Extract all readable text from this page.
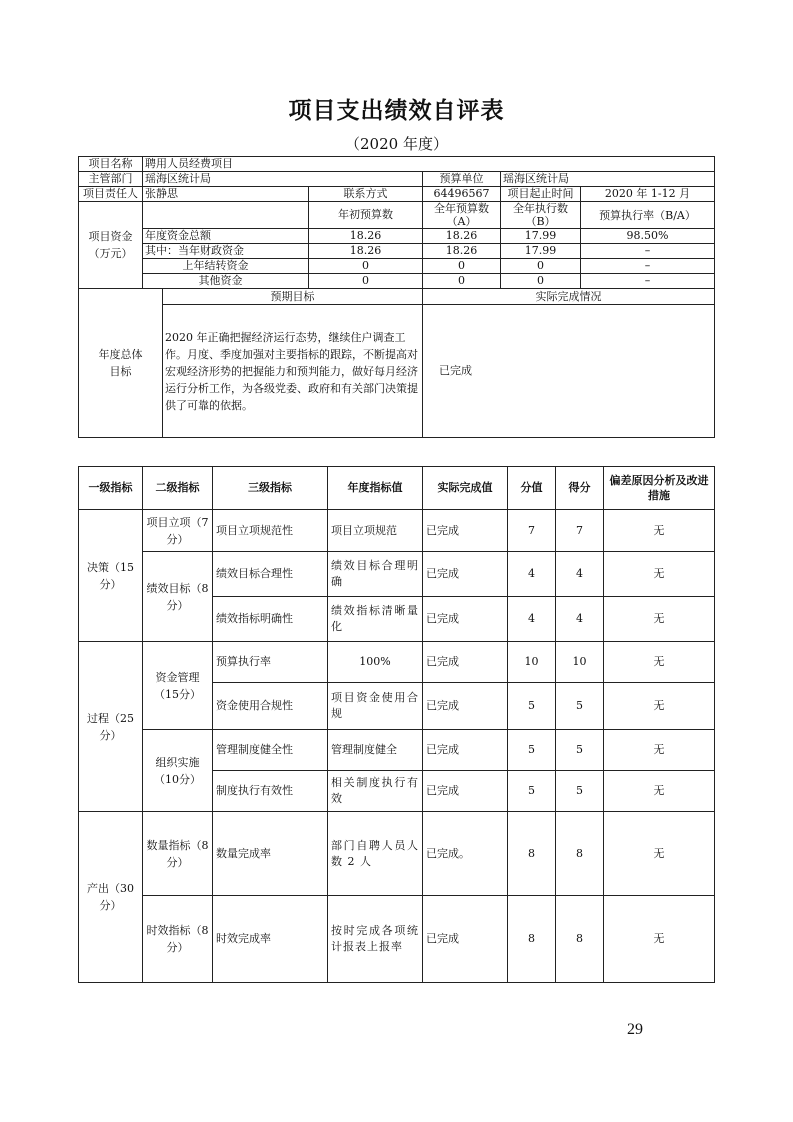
项目支出绩效自评表
（2020 年度）
项目名称	聘用人员经费项目					
主管部门	瑶海区统计局			预算单位	瑶海区统计局	
项目责任人	张静思		联系方式	64496567	项目起止时间	2020 年 1-12 月
项目资金（万元）			年初预算数	全年预算数（A）	全年执行数（B）	预算执行率（B/A）
	年度资金总额		18.26	18.26	17.99	98.50%
	其中：当年财政资金		18.26	18.26	17.99	–
		上年结转资金	0	0	0	–
		其他资金	0	0	0	–
年度总体目标		预期目标		实际完成情况		
		2020 年正确把握经济运行态势，继续住户调查工作。月度、季度加强对主要指标的跟踪，不断提高对宏观经济形势的把握能力和预判能力，做好每月经济运行分析工作，为各级党委、政府和有关部门决策提供了可靠的依据。		已完成		
一级指标	二级指标	三级指标	年度指标值	实际完成值	分值	得分	偏差原因分析及改进措施
决策（15分）	项目立项（7分）	项目立项规范性	项目立项规范	已完成	7	7	无
	绩效目标（8分）	绩效目标合理性	绩效目标合理明确	已完成	4	4	无
		绩效指标明确性	绩效指标清晰量化	已完成	4	4	无
过程（25分）	资金管理（15分）	预算执行率	100%	已完成	10	10	无
		资金使用合规性	项目资金使用合规	已完成	5	5	无
	组织实施（10分）	管理制度健全性	管理制度健全	已完成	5	5	无
		制度执行有效性	相关制度执行有效	已完成	5	5	无
产出（30分）	数量指标（8分）	数量完成率	部门自聘人员人数 2 人	已完成。	8	8	无
	时效指标（8分）	时效完成率	按时完成各项统计报表上报率	已完成	8	8	无
29
